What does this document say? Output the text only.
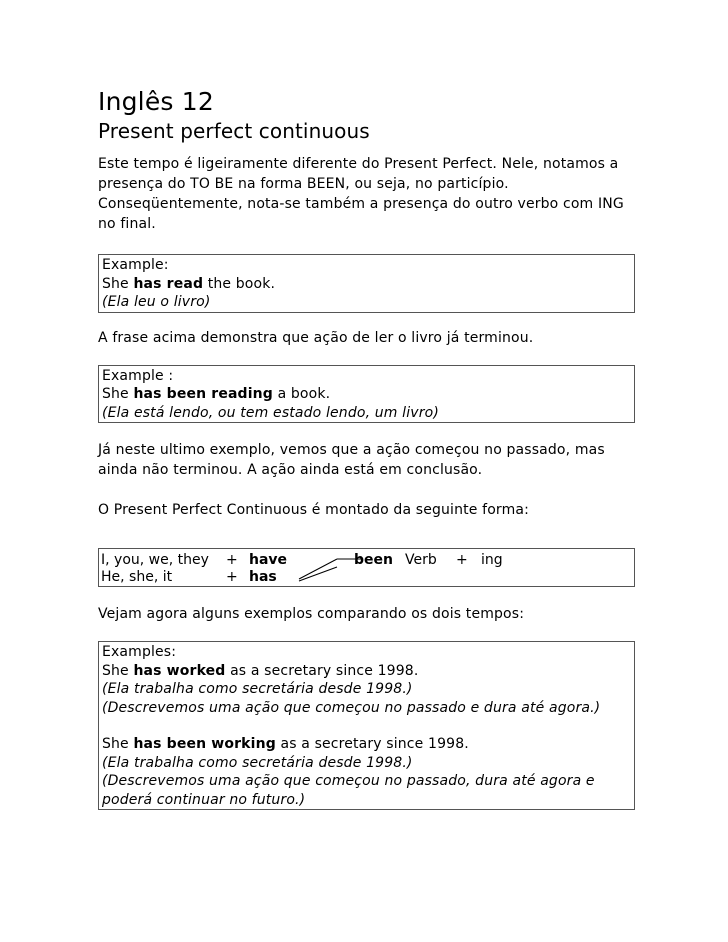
Inglês 12
Present perfect continuous

Este tempo é ligeiramente diferente do Present Perfect. Nele, notamos a presença do TO BE na forma BEEN, ou seja, no particípio. Conseqüentemente, nota-se também a presença do outro verbo com ING no final.

Example:

She has read the book.

(Ela leu o livro)

A frase acima demonstra que ação de ler o livro já terminou.

Example :

She has been reading a book.

(Ela está lendo, ou tem estado lendo, um livro)

Já neste ultimo exemplo, vemos que a ação começou no passado, mas ainda não terminou. A ação ainda está em conclusão.

O Present Perfect Continuous é montado da seguinte forma:

I, you, we, they
He, she, it
+
+
have
has
been Verb + ing

Vejam agora alguns exemplos comparando os dois tempos:

Examples:

She has worked as a secretary since 1998.

(Ela trabalha como secretária desde 1998.)

(Descrevemos uma ação que começou no passado e dura até agora.)

She has been working as a secretary since 1998.

(Ela trabalha como secretária desde 1998.)

(Descrevemos uma ação que começou no passado, dura até agora e poderá continuar no futuro.)
